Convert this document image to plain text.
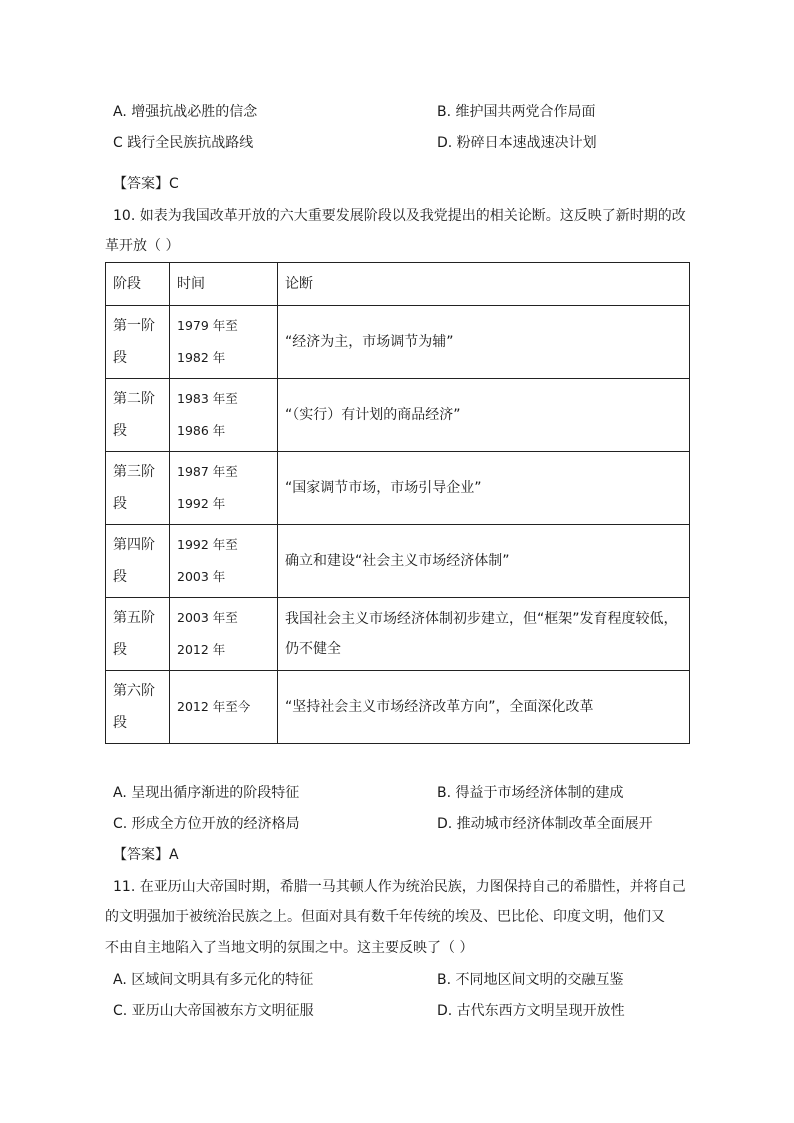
A. 增强抗战必胜的信念	B. 维护国共两党合作局面
C 践行全民族抗战路线	D. 粉碎日本速战速决计划
【答案】C
10. 如表为我国改革开放的六大重要发展阶段以及我党提出的相关论断。这反映了新时期的改
革开放（ ）
阶段	时间	论断
第一阶段	1979 年至 1982 年	“经济为主，市场调节为辅”
第二阶段	1983 年至 1986 年	“（实行）有计划的商品经济”
第三阶段	1987 年至 1992 年	“国家调节市场，市场引导企业”
第四阶段	1992 年至 2003 年	确立和建设“社会主义市场经济体制”
第五阶段	2003 年至 2012 年	我国社会主义市场经济体制初步建立，但“框架”发育程度较低，仍不健全
第六阶段	2012 年至今	“坚持社会主义市场经济改革方向”，全面深化改革
A. 呈现出循序渐进的阶段特征	B. 得益于市场经济体制的建成
C. 形成全方位开放的经济格局	D. 推动城市经济体制改革全面展开
【答案】A
11. 在亚历山大帝国时期，希腊一马其顿人作为统治民族，力图保持自己的希腊性，并将自己
的文明强加于被统治民族之上。但面对具有数千年传统的埃及、巴比伦、印度文明，他们又
不由自主地陷入了当地文明的氛围之中。这主要反映了（ ）
A. 区域间文明具有多元化的特征	B. 不同地区间文明的交融互鉴
C. 亚历山大帝国被东方文明征服	D. 古代东西方文明呈现开放性
